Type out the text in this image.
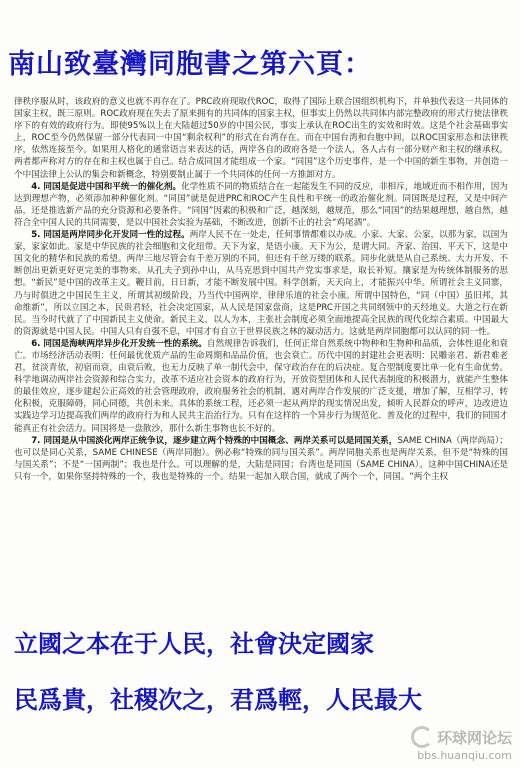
南山致臺灣同胞書之第六頁：

律秩序服从时，该政府的意义也就不再存在了。PRC政府现取代ROC，取得了国际上联合国组织机构下，并单独代表这一共同体的国家主权，既三原则。ROC政府现在失去了原来拥有的共同体的国家主权，但事实上仍然以共同体内部完整政府的形式行使法律秩序下的有效的政府行为。即使95%以上在大陆超过50岁的中国公民，事实上承认在ROC出生的实效和时效。这是个社会基础事实上，ROC至今仍然保留一部分代表同一中国“剩余权利”的形式在台湾存在。而在中国台湾和台胞中间，以ROC国家形态和法律秩序，依然连接至今。如果用人格化的通常语言来表达的话，两岸各自的政府各是一个法人，各人占有一部分财产和主权的继承权。两者都声称对方的存在和主权也属于自己。结合成同国才能组成一个家。“同国”这个历史事件，是一个中国的新生事物，并创造一个中国法律上公认的集会和新概念，特别要制止属于一个共同体的任何一方推卸对方。

4. 同国是促进中国和平统一的催化剂。化学性质不同的物质结合在一起能发生不同的反应，非相斥，地域近而不相作用，因为达到理想产物，必须添加种种催化剂。“同国”就是促进PRC和ROC产生良性和平统一的政治催化剂。同国既是过程，又是中间产品，还是推选新产品的充分资源和必要条件。“同国”因素的积极和广泛，越深刻，越规范，那么“同国”的结果越理想，越自然，越符合全中国人民的共同需要，是以中国社会实验为基础，不断改进，创新不止的社会“鸡尾酒”。

5. 同国是两岸同步化开发同一性的过程。两岸人民不在一处走，任何事情都难以办成。小家、大家、公家，以那为家，以国为家，家家如此。家是中华民族的社会细胞和文化纽带。天下为家，是语小康。天下为公，是谓大同。齐家、治国、平天下，这是中国文化的精华和民族的希望。两岸三地尽管会有千差万别的不同，但还有千丝万缕的联系。同步化就是从自己系统、大力开发、不断创出更新更好更完美的事物来。从孔夫子到孙中山，从马克思到中国共产党实事求是，取长补短。攘家是为传统体制服务的思想。“新民”是中国的改革主义。鞭目前，日日新，才能不断发展中国。科学创新，天天向上，才能振兴中华。所谓社会主义同寨，乃与时俱进之中国民生主义，所谓其初级阶段，乃当代中国两岸，律律乐道的社会小康。所谓中国特色，“同（中国）虽旧邦，其命维新”，所以立国之本，民贵君轻，社会决定国家，从人民是国家盘商，这是PRC开国之共同纲领中的天经地义。大道之行在新民。当今时代就了了中国新民主义使命。新民主义，以人为本，主张社会制度必须全面地提高全民族的现代化综合素质。中国最大的资源就是中国人民。中国人只有自强不息，中国才有自立于世界民族之林的凝动活力。这就是两岸同胞都可以认同的同一性。

6. 同国是海峡两岸异步化开发统一性的系统。自然规律告诉我们，任何正常自然系统中物种和生物种和品质，会体性退化和衰亡。市场经济活动表明：任何最优优质产品的生命周期和品品价值，也会衰亡。历代中国的封建社会更表明：民雕亲君、新君难老君，贫淡青依，初宿而衰，由衰后败，也无力反映了单一制代会中，保守政治存在的后决症。复合型制度要比单一化有生命优势。科学地调动两岸社会资源和综合实力，改革不适应社会资本的政府行为，开放资型团体和人民代表制度的积极潜力，就能产生整体的最佳效应，逐步建起公正高效的社会管理政府，政府服务社会的机制，遇对两岸合作发展的广泛支援，增加了解，互相学习，转化积极，克服障碍，同心同德，共创未来。具体的系统工程，还必须一起从两岸的现实情况出发，倾听人民群众的呼声，边改进边实践边学习边提高我们两岸的政府行为和人民共主治治行为。只有在这样的一个异步行为规范化、普及化的过程中，我们的同国才能真正有社会活力。同国将是一盘散沙，那什么新生事物也长不好的。

7. 同国是从中国淡化两岸正统争议，逐步建立两个特殊的中国概念、两岸关系可以是同国关系，SAME CHINA（两岸尚局）；也可以是同心关系，SAME CHINESE（两岸同胞）。例必称“特殊的同与国关系”。两岸同胞关系也是两岸关系，但不是“特殊的国与国关系”；不是“一国两制”；我也是什么。可以理解的是，大陆是同国；台湾也是同国（SAME CHINA）。这种中国CHINA还是只有一个，如果你坚持特殊的一个，我也是特殊的一个。结果一起加入联合国，就成了两个一个，同国。“两个主权

立國之本在于人民，社會決定國家
民爲貴，社稷次之，君爲輕，人民最大
环球网论坛
bbs.huanqiu.com
